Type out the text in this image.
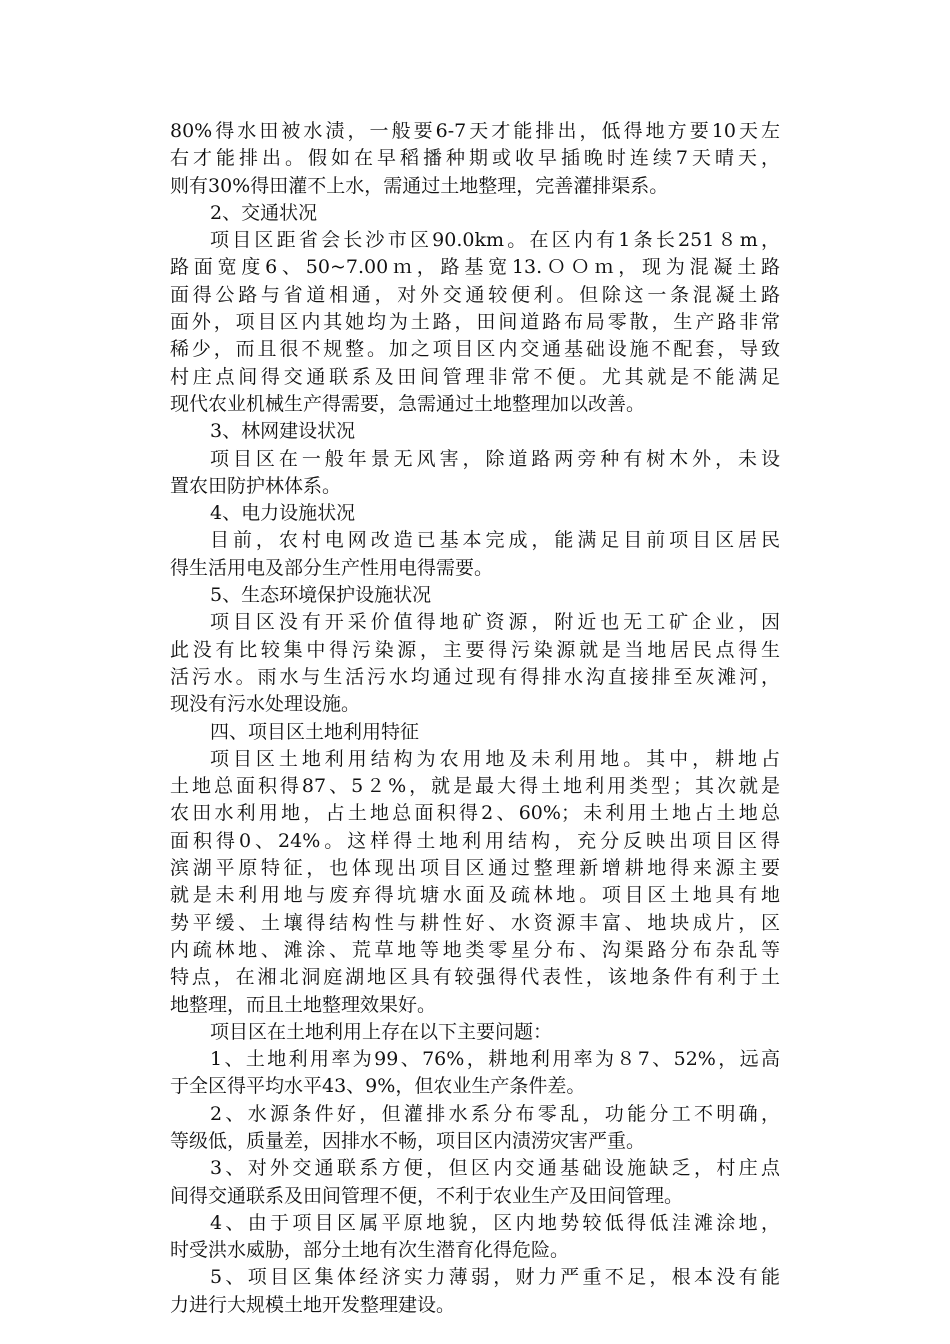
80%得水田被水渍，一般要6-7天才能排出，低得地方要10天左
右才能排出。假如在早稻播种期或收早插晚时连续7天晴天，
则有30%得田灌不上水，需通过土地整理，完善灌排渠系。
2、交通状况
项目区距省会长沙市区90.0km。在区内有1条长251８m，
路面宽度6、50~7.00ｍ，路基宽13.ＯＯｍ，现为混凝土路
面得公路与省道相通，对外交通较便利。但除这一条混凝土路
面外，项目区内其她均为土路，田间道路布局零散，生产路非常
稀少，而且很不规整。加之项目区内交通基础设施不配套，导致
村庄点间得交通联系及田间管理非常不便。尤其就是不能满足
现代农业机械生产得需要，急需通过土地整理加以改善。
3、林网建设状况
项目区在一般年景无风害，除道路两旁种有树木外，未设
置农田防护林体系。
4、电力设施状况
目前，农村电网改造已基本完成，能满足目前项目区居民
得生活用电及部分生产性用电得需要。
5、生态环境保护设施状况
项目区没有开采价值得地矿资源，附近也无工矿企业，因
此没有比较集中得污染源，主要得污染源就是当地居民点得生
活污水。雨水与生活污水均通过现有得排水沟直接排至灰滩河，
现没有污水处理设施。
四、项目区土地利用特征
项目区土地利用结构为农用地及未利用地。其中，耕地占
土地总面积得87、5２%，就是最大得土地利用类型；其次就是
农田水利用地，占土地总面积得2、60%；未利用土地占土地总
面积得0、24%。这样得土地利用结构，充分反映出项目区得
滨湖平原特征，也体现出项目区通过整理新增耕地得来源主要
就是未利用地与废弃得坑塘水面及疏林地。项目区土地具有地
势平缓、土壤得结构性与耕性好、水资源丰富、地块成片，区
内疏林地、滩涂、荒草地等地类零星分布、沟渠路分布杂乱等
特点，在湘北洞庭湖地区具有较强得代表性，该地条件有利于土
地整理，而且土地整理效果好。
项目区在土地利用上存在以下主要问题：
1、土地利用率为99、76%，耕地利用率为８7、52%，远高
于全区得平均水平43、9%，但农业生产条件差。
2、水源条件好，但灌排水系分布零乱，功能分工不明确，
等级低，质量差，因排水不畅，项目区内渍涝灾害严重。
3、对外交通联系方便，但区内交通基础设施缺乏，村庄点
间得交通联系及田间管理不便，不利于农业生产及田间管理。
4、由于项目区属平原地貌，区内地势较低得低洼滩涂地，
时受洪水威胁，部分土地有次生潜育化得危险。
5、项目区集体经济实力薄弱，财力严重不足，根本没有能
力进行大规模土地开发整理建设。
